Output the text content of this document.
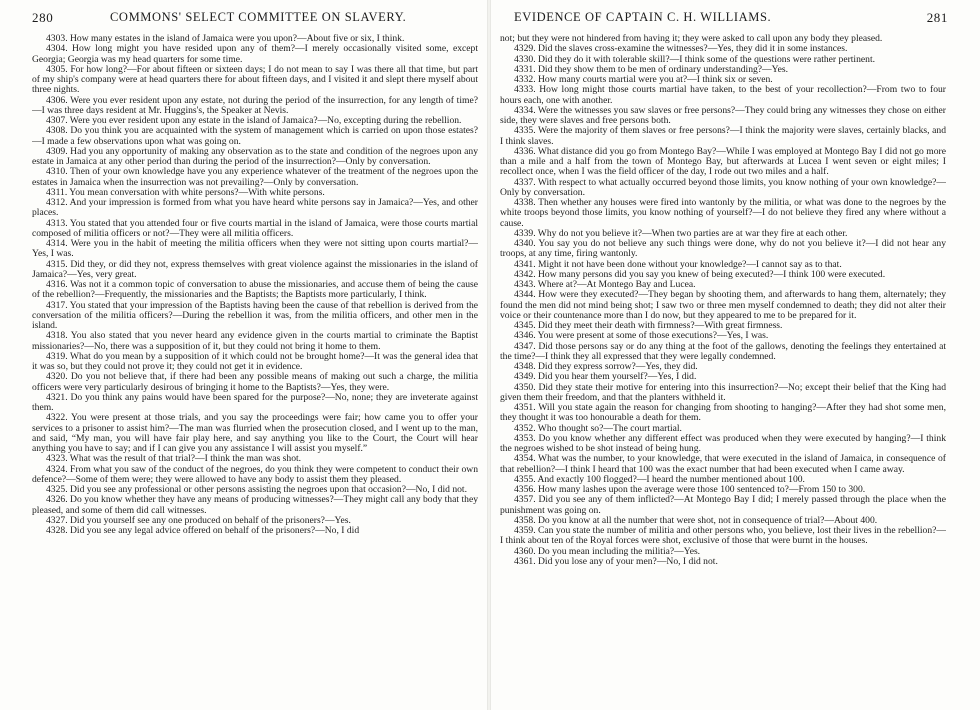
280	COMMONS' SELECT COMMITTEE ON SLAVERY.

4303. How many estates in the island of Jamaica were you upon?—About five or six, I think.

4304. How long might you have resided upon any of them?—I merely occasionally visited some, except Georgia; Georgia was my head quarters for some time.

4305. For how long?—For about fifteen or sixteen days; I do not mean to say I was there all that time, but part of my ship's company were at head quarters there for about fifteen days, and I visited it and slept there myself about three nights.

4306. Were you ever resident upon any estate, not during the period of the insurrection, for any length of time?—I was three days resident at Mr. Huggins's, the Speaker at Nevis.

4307. Were you ever resident upon any estate in the island of Jamaica?—No, excepting during the rebellion.

4308. Do you think you are acquainted with the system of management which is carried on upon those estates?—I made a few observations upon what was going on.

4309. Had you any opportunity of making any observation as to the state and condition of the negroes upon any estate in Jamaica at any other period than during the period of the insurrection?—Only by conversation.

4310. Then of your own knowledge have you any experience whatever of the treatment of the negroes upon the estates in Jamaica when the insurrection was not prevailing?—Only by conversation.

4311. You mean conversation with white persons?—With white persons.

4312. And your impression is formed from what you have heard white persons say in Jamaica?—Yes, and other places.

4313. You stated that you attended four or five courts martial in the island of Jamaica, were those courts martial composed of militia officers or not?—They were all militia officers.

4314. Were you in the habit of meeting the militia officers when they were not sitting upon courts martial?—Yes, I was.

4315. Did they, or did they not, express themselves with great violence against the missionaries in the island of Jamaica?—Yes, very great.

4316. Was not it a common topic of conversation to abuse the missionaries, and accuse them of being the cause of the rebellion?—Frequently, the missionaries and the Baptists; the Baptists more particularly, I think.

4317. You stated that your impression of the Baptists having been the cause of that rebellion is derived from the conversation of the militia officers?—During the rebellion it was, from the militia officers, and other men in the island.

4318. You also stated that you never heard any evidence given in the courts martial to criminate the Baptist missionaries?—No, there was a supposition of it, but they could not bring it home to them.

4319. What do you mean by a supposition of it which could not be brought home?—It was the general idea that it was so, but they could not prove it; they could not get it in evidence.

4320. Do you not believe that, if there had been any possible means of making out such a charge, the militia officers were very particularly desirous of bringing it home to the Baptists?—Yes, they were.

4321. Do you think any pains would have been spared for the purpose?—No, none; they are inveterate against them.

4322. You were present at those trials, and you say the proceedings were fair; how came you to offer your services to a prisoner to assist him?—The man was flurried when the prosecution closed, and I went up to the man, and said, “My man, you will have fair play here, and say anything you like to the Court, the Court will hear anything you have to say; and if I can give you any assistance I will assist you myself.”

4323. What was the result of that trial?—I think the man was shot.

4324. From what you saw of the conduct of the negroes, do you think they were competent to conduct their own defence?—Some of them were; they were allowed to have any body to assist them they pleased.

4325. Did you see any professional or other persons assisting the negroes upon that occasion?—No, I did not.

4326. Do you know whether they have any means of producing witnesses?—They might call any body that they pleased, and some of them did call witnesses.

4327. Did you yourself see any one produced on behalf of the prisoners?—Yes.

4328. Did you see any legal advice offered on behalf of the prisoners?—No, I did

EVIDENCE OF CAPTAIN C. H. WILLIAMS.	281

not; but they were not hindered from having it; they were asked to call upon any body they pleased.

4329. Did the slaves cross-examine the witnesses?—Yes, they did it in some instances.

4330. Did they do it with tolerable skill?—I think some of the questions were rather pertinent.

4331. Did they show them to be men of ordinary understanding?—Yes.

4332. How many courts martial were you at?—I think six or seven.

4333. How long might those courts martial have taken, to the best of your recollection?—From two to four hours each, one with another.

4334. Were the witnesses you saw slaves or free persons?—They could bring any witnesses they chose on either side, they were slaves and free persons both.

4335. Were the majority of them slaves or free persons?—I think the majority were slaves, certainly blacks, and I think slaves.

4336. What distance did you go from Montego Bay?—While I was employed at Montego Bay I did not go more than a mile and a half from the town of Montego Bay, but afterwards at Lucea I went seven or eight miles; I recollect once, when I was the field officer of the day, I rode out two miles and a half.

4337. With respect to what actually occurred beyond those limits, you know nothing of your own knowledge?—Only by conversation.

4338. Then whether any houses were fired into wantonly by the militia, or what was done to the negroes by the white troops beyond those limits, you know nothing of yourself?—I do not believe they fired any where without a cause.

4339. Why do not you believe it?—When two parties are at war they fire at each other.

4340. You say you do not believe any such things were done, why do not you believe it?—I did not hear any troops, at any time, firing wantonly.

4341. Might it not have been done without your knowledge?—I cannot say as to that.

4342. How many persons did you say you knew of being executed?—I think 100 were executed.

4343. Where at?—At Montego Bay and Lucea.

4344. How were they executed?—They began by shooting them, and afterwards to hang them, alternately; they found the men did not mind being shot; I saw two or three men myself condemned to death; they did not alter their voice or their countenance more than I do now, but they appeared to me to be prepared for it.

4345. Did they meet their death with firmness?—With great firmness.

4346. You were present at some of those executions?—Yes, I was.

4347. Did those persons say or do any thing at the foot of the gallows, denoting the feelings they entertained at the time?—I think they all expressed that they were legally condemned.

4348. Did they express sorrow?—Yes, they did.

4349. Did you hear them yourself?—Yes, I did.

4350. Did they state their motive for entering into this insurrection?—No; except their belief that the King had given them their freedom, and that the planters withheld it.

4351. Will you state again the reason for changing from shooting to hanging?—After they had shot some men, they thought it was too honourable a death for them.

4352. Who thought so?—The court martial.

4353. Do you know whether any different effect was produced when they were executed by hanging?—I think the negroes wished to be shot instead of being hung.

4354. What was the number, to your knowledge, that were executed in the island of Jamaica, in consequence of that rebellion?—I think I heard that 100 was the exact number that had been executed when I came away.

4355. And exactly 100 flogged?—I heard the number mentioned about 100.

4356. How many lashes upon the average were those 100 sentenced to?—From 150 to 300.

4357. Did you see any of them inflicted?—At Montego Bay I did; I merely passed through the place when the punishment was going on.

4358. Do you know at all the number that were shot, not in consequence of trial?—About 400.

4359. Can you state the number of militia and other persons who, you believe, lost their lives in the rebellion?—I think about ten of the Royal forces were shot, exclusive of those that were burnt in the houses.

4360. Do you mean including the militia?—Yes.

4361. Did you lose any of your men?—No, I did not.
